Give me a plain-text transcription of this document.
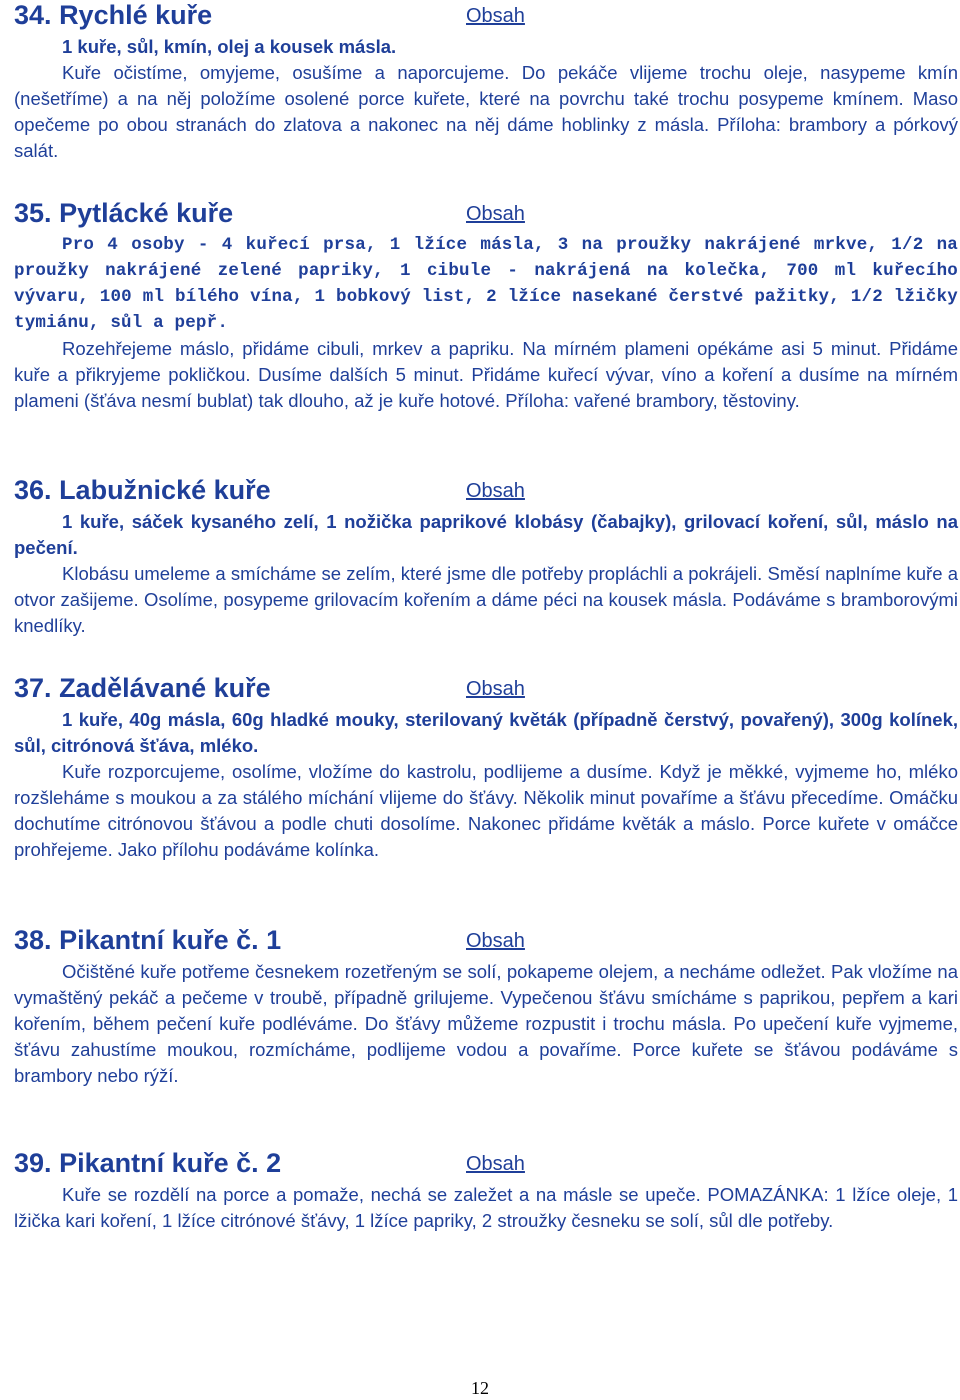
34. Rychlé kuře	Obsah

1 kuře, sůl, kmín, olej a kousek másla.

Kuře očistíme, omyjeme, osušíme a naporcujeme. Do pekáče vlijeme trochu oleje, nasypeme kmín (nešetříme) a na něj položíme osolené porce kuřete, které na povrchu také trochu posypeme kmínem. Maso opečeme po obou stranách do zlatova a nakonec na něj dáme hoblinky z másla. Příloha: brambory a pórkový salát.

35. Pytlácké kuře	Obsah

Pro 4 osoby - 4 kuřecí prsa, 1 lžíce másla, 3 na proužky nakrájené mrkve, 1/2 na proužky nakrájené zelené papriky, 1 cibule - nakrájená na kolečka, 700 ml kuřecího vývaru, 100 ml bílého vína, 1 bobkový list, 2 lžíce nasekané čerstvé pažitky, 1/2 lžičky tymiánu, sůl a pepř.

Rozehřejeme máslo, přidáme cibuli, mrkev a papriku. Na mírném plameni opékáme asi 5 minut. Přidáme kuře a přikryjeme pokličkou. Dusíme dalších 5 minut. Přidáme kuřecí vývar, víno a koření a dusíme na mírném plameni (šťáva nesmí bublat) tak dlouho, až je kuře hotové. Příloha: vařené brambory, těstoviny.

36. Labužnické kuře	Obsah

1 kuře, sáček kysaného zelí, 1 nožička paprikové klobásy (čabajky), grilovací koření, sůl, máslo na pečení.

Klobásu umeleme a smícháme se zelím, které jsme dle potřeby propláchli a pokrájeli. Směsí naplníme kuře a otvor zašijeme. Osolíme, posypeme grilovacím kořením a dáme péci na kousek másla. Podáváme s bramborovými knedlíky.

37. Zadělávané kuře	Obsah

1 kuře, 40g másla, 60g hladké mouky, sterilovaný květák (případně čerstvý, povařený), 300g kolínek, sůl, citrónová šťáva, mléko.

Kuře rozporcujeme, osolíme, vložíme do kastrolu, podlijeme a dusíme. Když je měkké, vyjmeme ho, mléko rozšleháme s moukou a za stálého míchání vlijeme do šťávy. Několik minut povaříme a šťávu přecedíme. Omáčku dochutíme citrónovou šťávou a podle chuti dosolíme. Nakonec přidáme květák a máslo. Porce kuřete v omáčce prohřejeme. Jako přílohu podáváme kolínka.

38. Pikantní kuře č. 1	Obsah

Očištěné kuře potřeme česnekem rozetřeným se solí, pokapeme olejem, a necháme odležet. Pak vložíme na vymaštěný pekáč a pečeme v troubě, případně grilujeme. Vypečenou šťávu smícháme s paprikou, pepřem a kari kořením, během pečení kuře podléváme. Do šťávy můžeme rozpustit i trochu másla. Po upečení kuře vyjmeme, šťávu zahustíme moukou, rozmícháme, podlijeme vodou a povaříme. Porce kuřete se šťávou podáváme s brambory nebo rýží.

39. Pikantní kuře č. 2	Obsah

Kuře se rozdělí na porce a pomaže, nechá se zaležet a na másle se upeče. POMAZÁNKA: 1 lžíce oleje, 1 lžička kari koření, 1 lžíce citrónové šťávy, 1 lžíce papriky, 2 stroužky česneku se solí, sůl dle potřeby.

12
